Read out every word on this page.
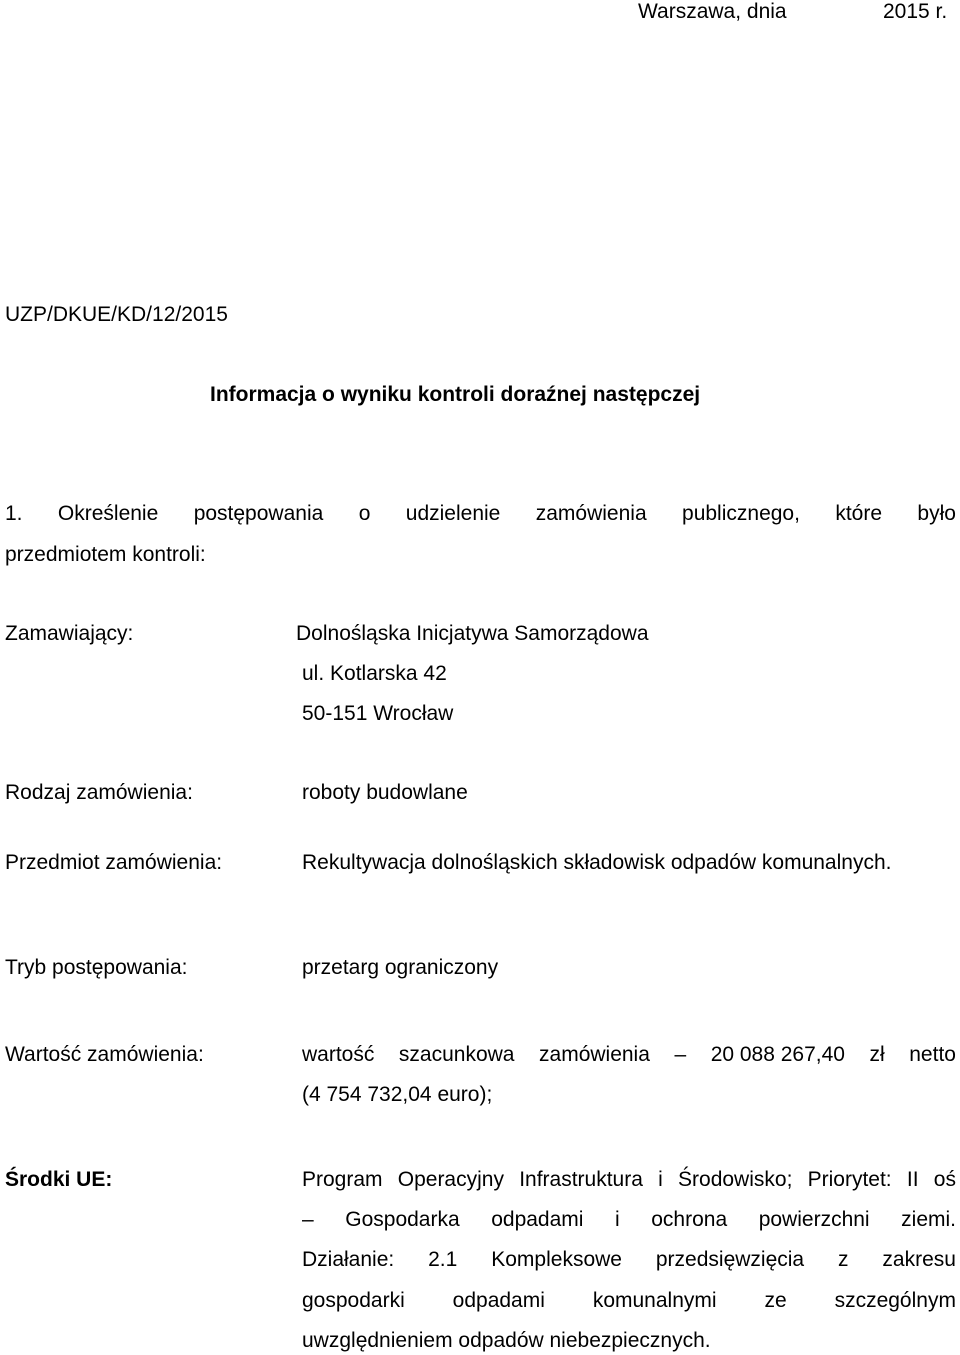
Warszawa, dnia	2015 r.
UZP/DKUE/KD/12/2015
Informacja o wyniku kontroli doraźnej następczej
1. Określenie postępowania o udzielenie zamówienia publicznego, które było
przedmiotem kontroli:
Zamawiający:	Dolnośląska Inicjatywa Samorządowa
ul. Kotlarska 42
50-151 Wrocław
Rodzaj zamówienia:	roboty budowlane
Przedmiot zamówienia:	Rekultywacja dolnośląskich składowisk odpadów komunalnych.
Tryb postępowania:	przetarg ograniczony
Wartość zamówienia:	wartość szacunkowa zamówienia – 20 088 267,40 zł netto
(4 754 732,04 euro);
Środki UE:	Program Operacyjny Infrastruktura i Środowisko; Priorytet: II oś
– Gospodarka odpadami i ochrona powierzchni ziemi.
Działanie: 2.1 Kompleksowe przedsięwzięcia z zakresu
gospodarki odpadami komunalnymi ze szczególnym
uwzględnieniem odpadów niebezpiecznych.
